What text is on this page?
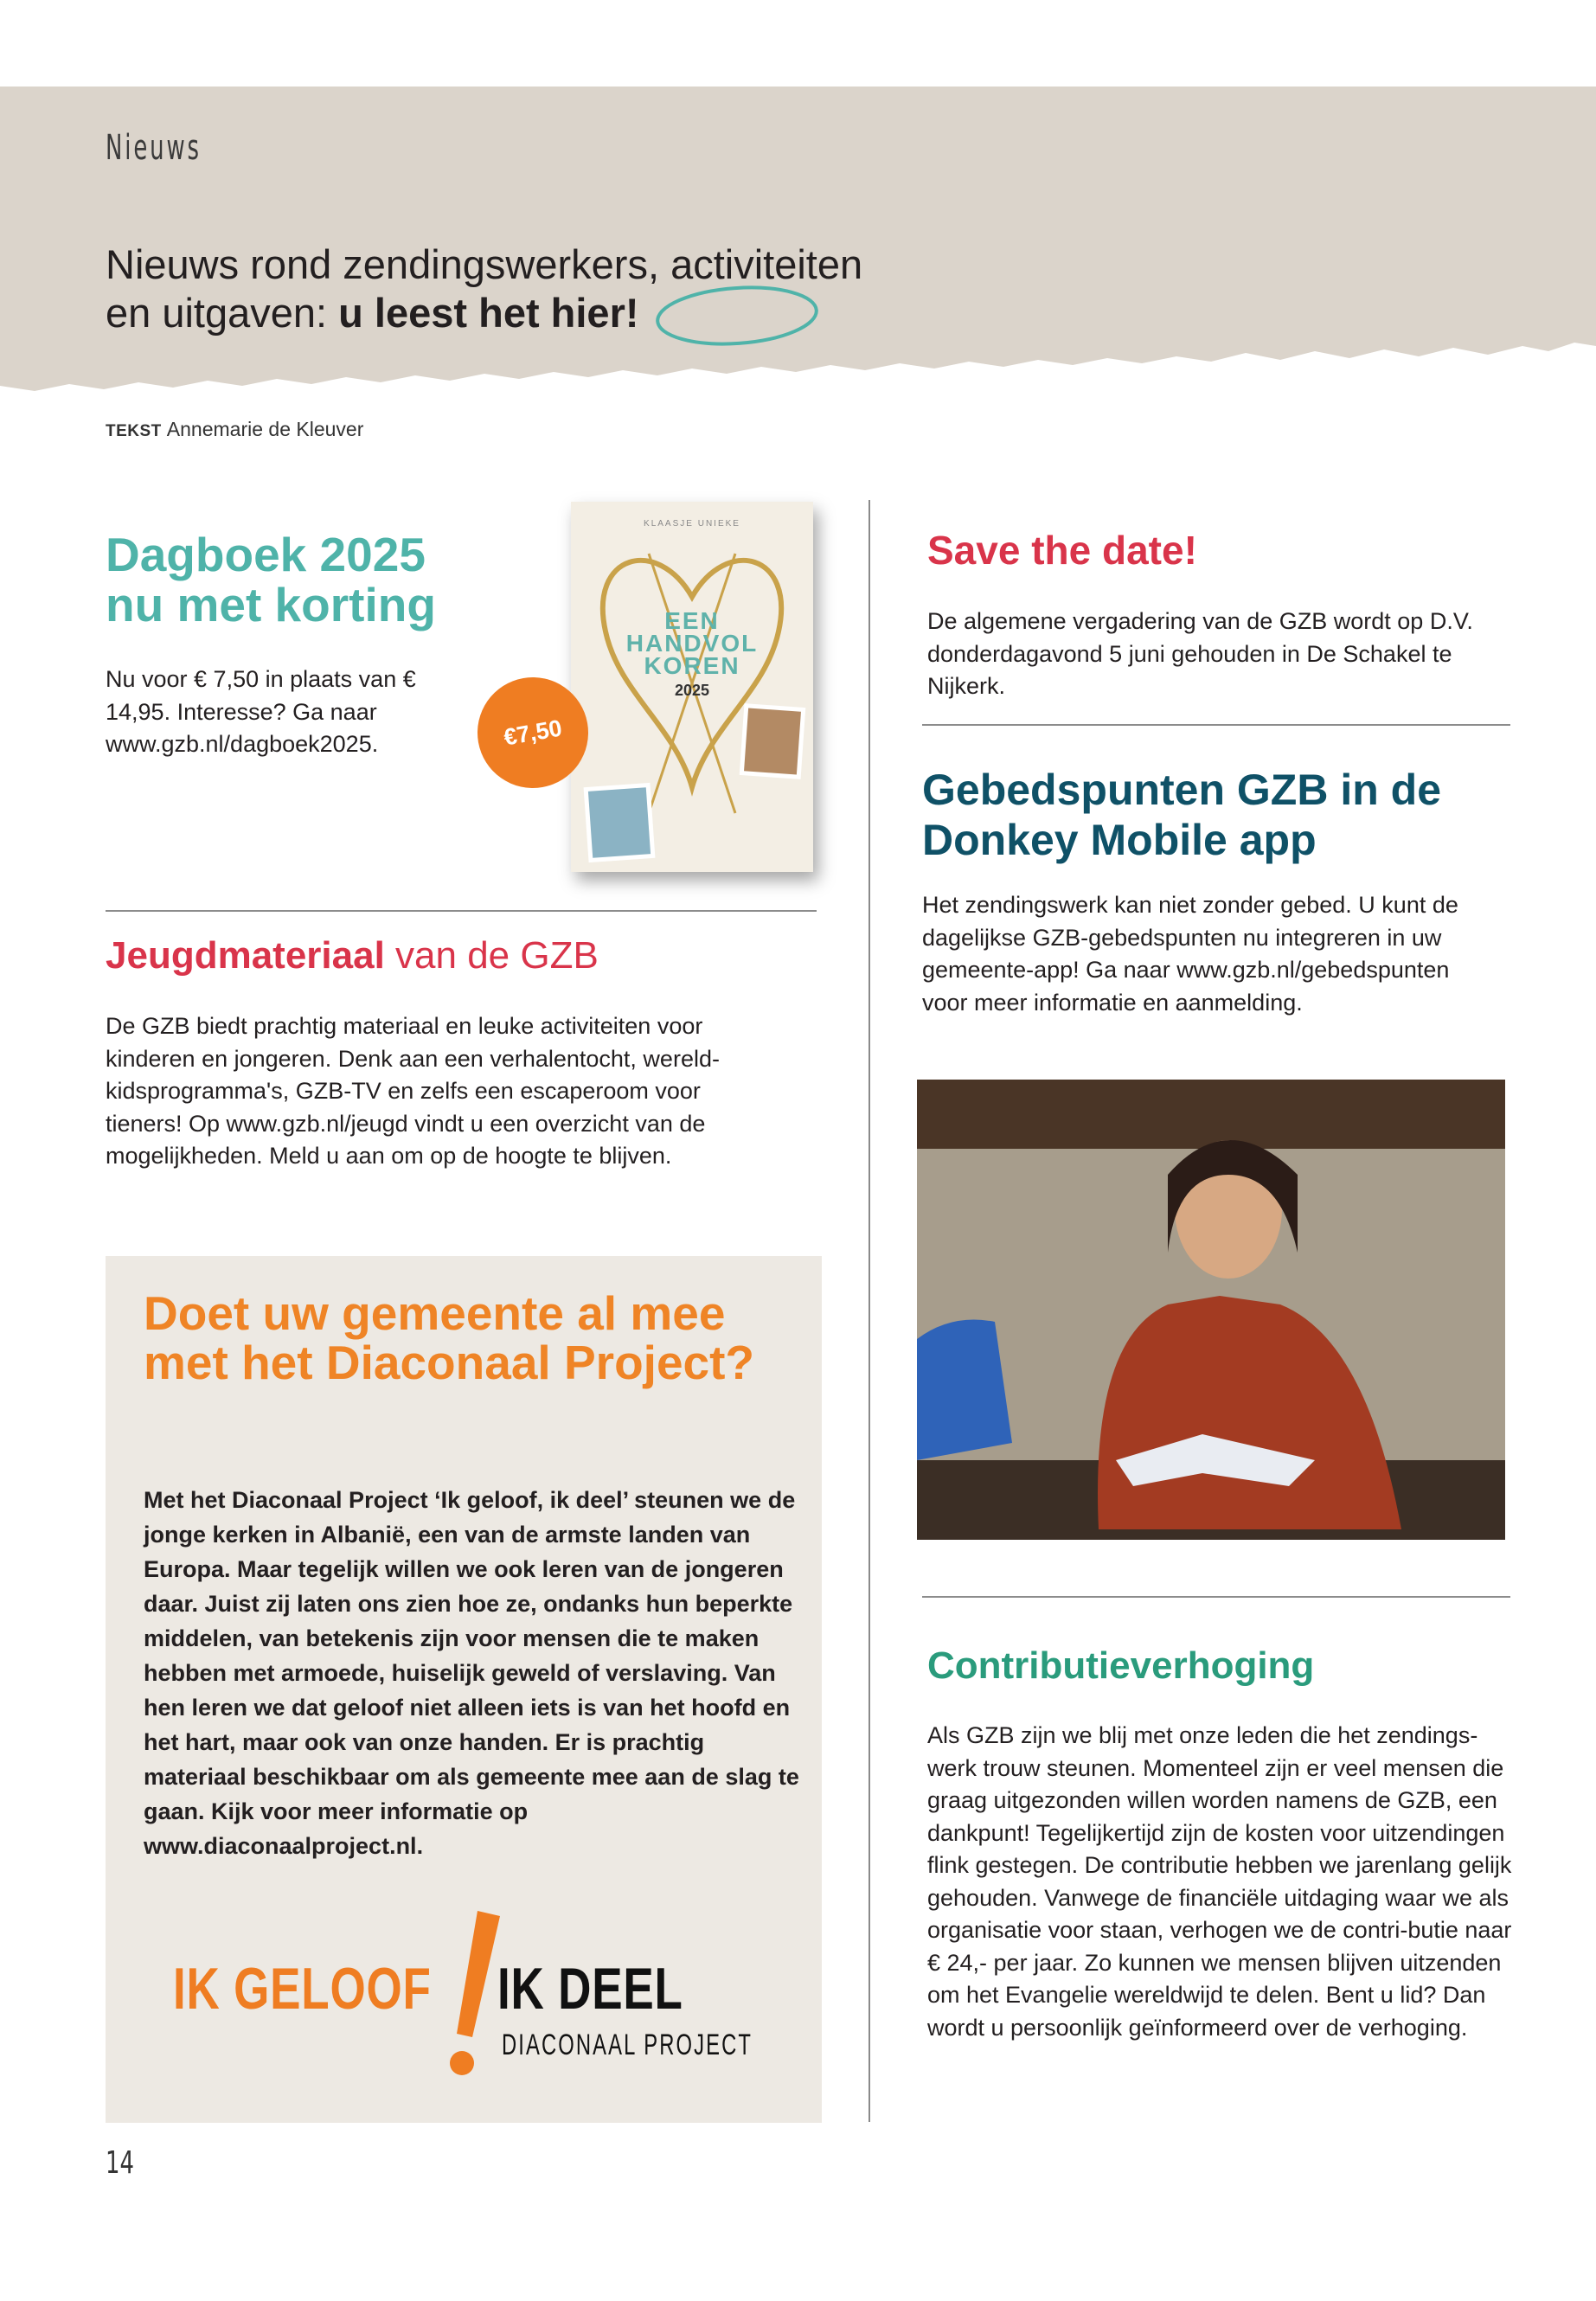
Nieuws
Nieuws rond zendingswerkers, activiteiten
en uitgaven: u leest het hier!
TEKST Annemarie de Kleuver
Dagboek 2025
nu met korting
Nu voor € 7,50 in plaats van € 14,95. Interesse? Ga naar www.gzb.nl/dagboek2025.
KLAASJE UNIEKE
EEN
HANDVOL
KOREN
2025
€7,50
Jeugdmateriaal van de GZB
De GZB biedt prachtig materiaal en leuke activiteiten voor kinderen en jongeren. Denk aan een verhalentocht, wereld-kidsprogramma's, GZB-TV en zelfs een escaperoom voor tieners! Op www.gzb.nl/jeugd vindt u een overzicht van de mogelijkheden. Meld u aan om op de hoogte te blijven.
Doet uw gemeente al mee met het Diaconaal Project?
Met het Diaconaal Project ‘Ik geloof, ik deel’ steunen we de jonge kerken in Albanië, een van de armste landen van Europa. Maar tegelijk willen we ook leren van de jongeren daar. Juist zij laten ons zien hoe ze, ondanks hun beperkte middelen, van betekenis zijn voor mensen die te maken hebben met armoede, huiselijk geweld of verslaving. Van hen leren we dat geloof niet alleen iets is van het hoofd en het hart, maar ook van onze handen. Er is prachtig materiaal beschikbaar om als gemeente mee aan de slag te gaan. Kijk voor meer informatie op www.diaconaalproject.nl.
IK GELOOF IK DEEL
DIACONAAL PROJECT
Save the date!
De algemene vergadering van de GZB wordt op D.V. donderdagavond 5 juni gehouden in De Schakel te Nijkerk.
Gebedspunten GZB in de Donkey Mobile app
Het zendingswerk kan niet zonder gebed. U kunt de dagelijkse GZB-gebedspunten nu integreren in uw gemeente-app! Ga naar www.gzb.nl/gebedspunten voor meer informatie en aanmelding.
Contributieverhoging
Als GZB zijn we blij met onze leden die het zendings-werk trouw steunen. Momenteel zijn er veel mensen die graag uitgezonden willen worden namens de GZB, een dankpunt! Tegelijkertijd zijn de kosten voor uitzendingen flink gestegen. De contributie hebben we jarenlang gelijk gehouden. Vanwege de financiële uitdaging waar we als organisatie voor staan, verhogen we de contri-butie naar € 24,- per jaar. Zo kunnen we mensen blijven uitzenden om het Evangelie wereldwijd te delen. Bent u lid? Dan wordt u persoonlijk geïnformeerd over de verhoging.
14
